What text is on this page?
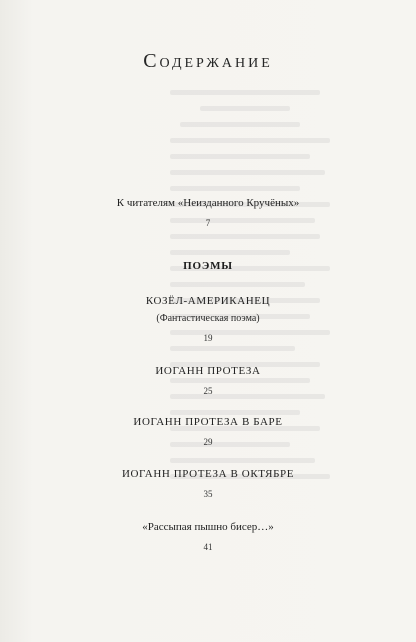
Содержание
К читателям «Неизданного Кручёных»
7
ПОЭМЫ
КОЗЁЛ-АМЕРИКАНЕЦ
(Фантастическая поэма)
19
ИОГАНН ПРОТЕЗА
25
ИОГАНН ПРОТЕЗА В БАРЕ
29
ИОГАНН ПРОТЕЗА В ОКТЯБРЕ
35
«Рассыпая пышно бисер…»
41
